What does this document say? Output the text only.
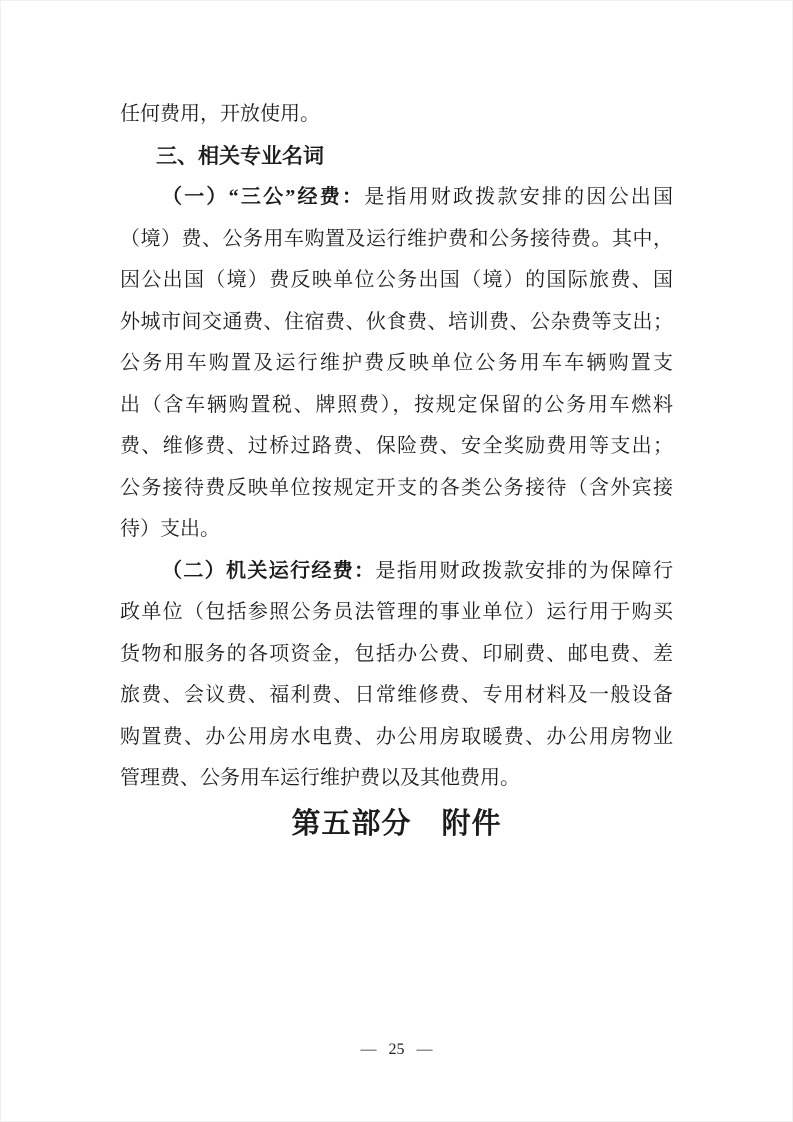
任何费用，开放使用。
三、相关专业名词
（一）“三公”经费：是指用财政拨款安排的因公出国
（境）费、公务用车购置及运行维护费和公务接待费。其中，
因公出国（境）费反映单位公务出国（境）的国际旅费、国
外城市间交通费、住宿费、伙食费、培训费、公杂费等支出；
公务用车购置及运行维护费反映单位公务用车车辆购置支
出（含车辆购置税、牌照费），按规定保留的公务用车燃料
费、维修费、过桥过路费、保险费、安全奖励费用等支出；
公务接待费反映单位按规定开支的各类公务接待（含外宾接
待）支出。
（二）机关运行经费：是指用财政拨款安排的为保障行
政单位（包括参照公务员法管理的事业单位）运行用于购买
货物和服务的各项资金，包括办公费、印刷费、邮电费、差
旅费、会议费、福利费、日常维修费、专用材料及一般设备
购置费、办公用房水电费、办公用房取暖费、办公用房物业
管理费、公务用车运行维护费以及其他费用。
第五部分　附件
— 25 —
